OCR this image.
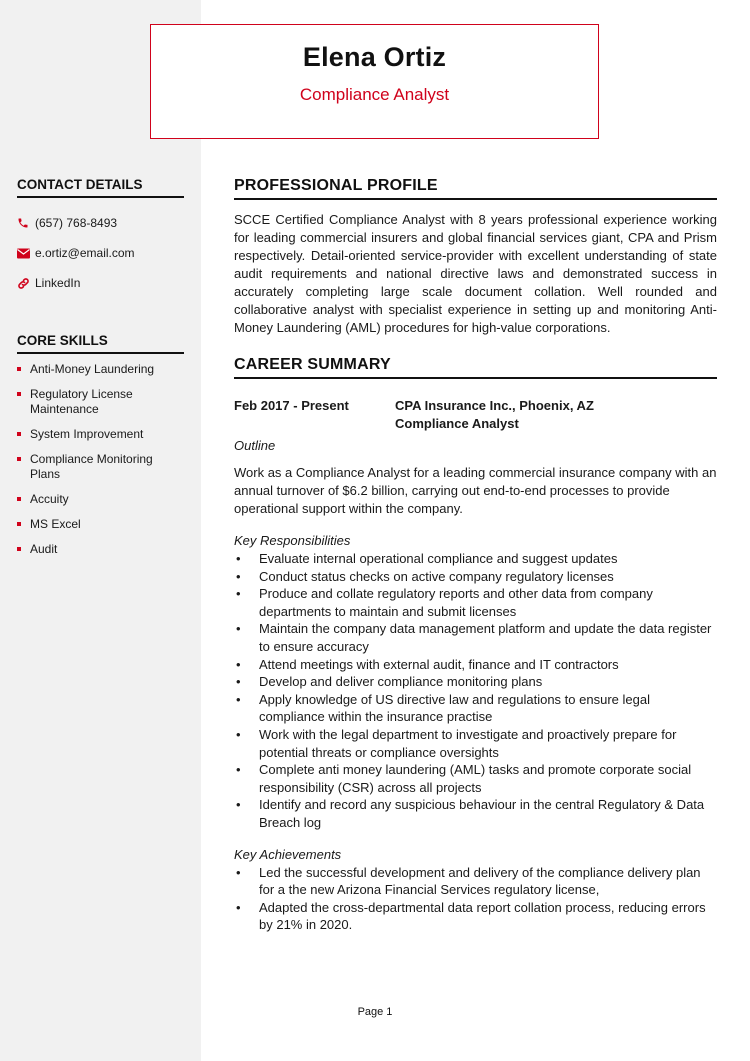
Elena Ortiz
Compliance Analyst
CONTACT DETAILS
(657) 768-8493
e.ortiz@email.com
LinkedIn
CORE SKILLS
Anti-Money Laundering
Regulatory License Maintenance
System Improvement
Compliance Monitoring Plans
Accuity
MS Excel
Audit
PROFESSIONAL PROFILE

SCCE Certified Compliance Analyst with 8 years professional experience working for leading commercial insurers and global financial services giant, CPA and Prism respectively. Detail-oriented service-provider with excellent understanding of state audit requirements and national directive laws and demonstrated success in accurately completing large scale document collation. Well rounded and collaborative analyst with specialist experience in setting up and monitoring Anti-Money Laundering (AML) procedures for high-value corporations.

CAREER SUMMARY
Feb 2017 - Present	CPA Insurance Inc., Phoenix, AZ
Compliance Analyst
Outline

Work as a Compliance Analyst for a leading commercial insurance company with an annual turnover of $6.2 billion, carrying out end-to-end processes to provide operational support within the company.

Key Responsibilities
• Evaluate internal operational compliance and suggest updates
• Conduct status checks on active company regulatory licenses
• Produce and collate regulatory reports and other data from company departments to maintain and submit licenses
• Maintain the company data management platform and update the data register to ensure accuracy
• Attend meetings with external audit, finance and IT contractors
• Develop and deliver compliance monitoring plans
• Apply knowledge of US directive law and regulations to ensure legal compliance within the insurance practise
• Work with the legal department to investigate and proactively prepare for potential threats or compliance oversights
• Complete anti money laundering (AML) tasks and promote corporate social responsibility (CSR) across all projects
• Identify and record any suspicious behaviour in the central Regulatory & Data Breach log
Key Achievements
• Led the successful development and delivery of the compliance delivery plan for a the new Arizona Financial Services regulatory license,
• Adapted the cross-departmental data report collation process, reducing errors by 21% in 2020.
Page 1
